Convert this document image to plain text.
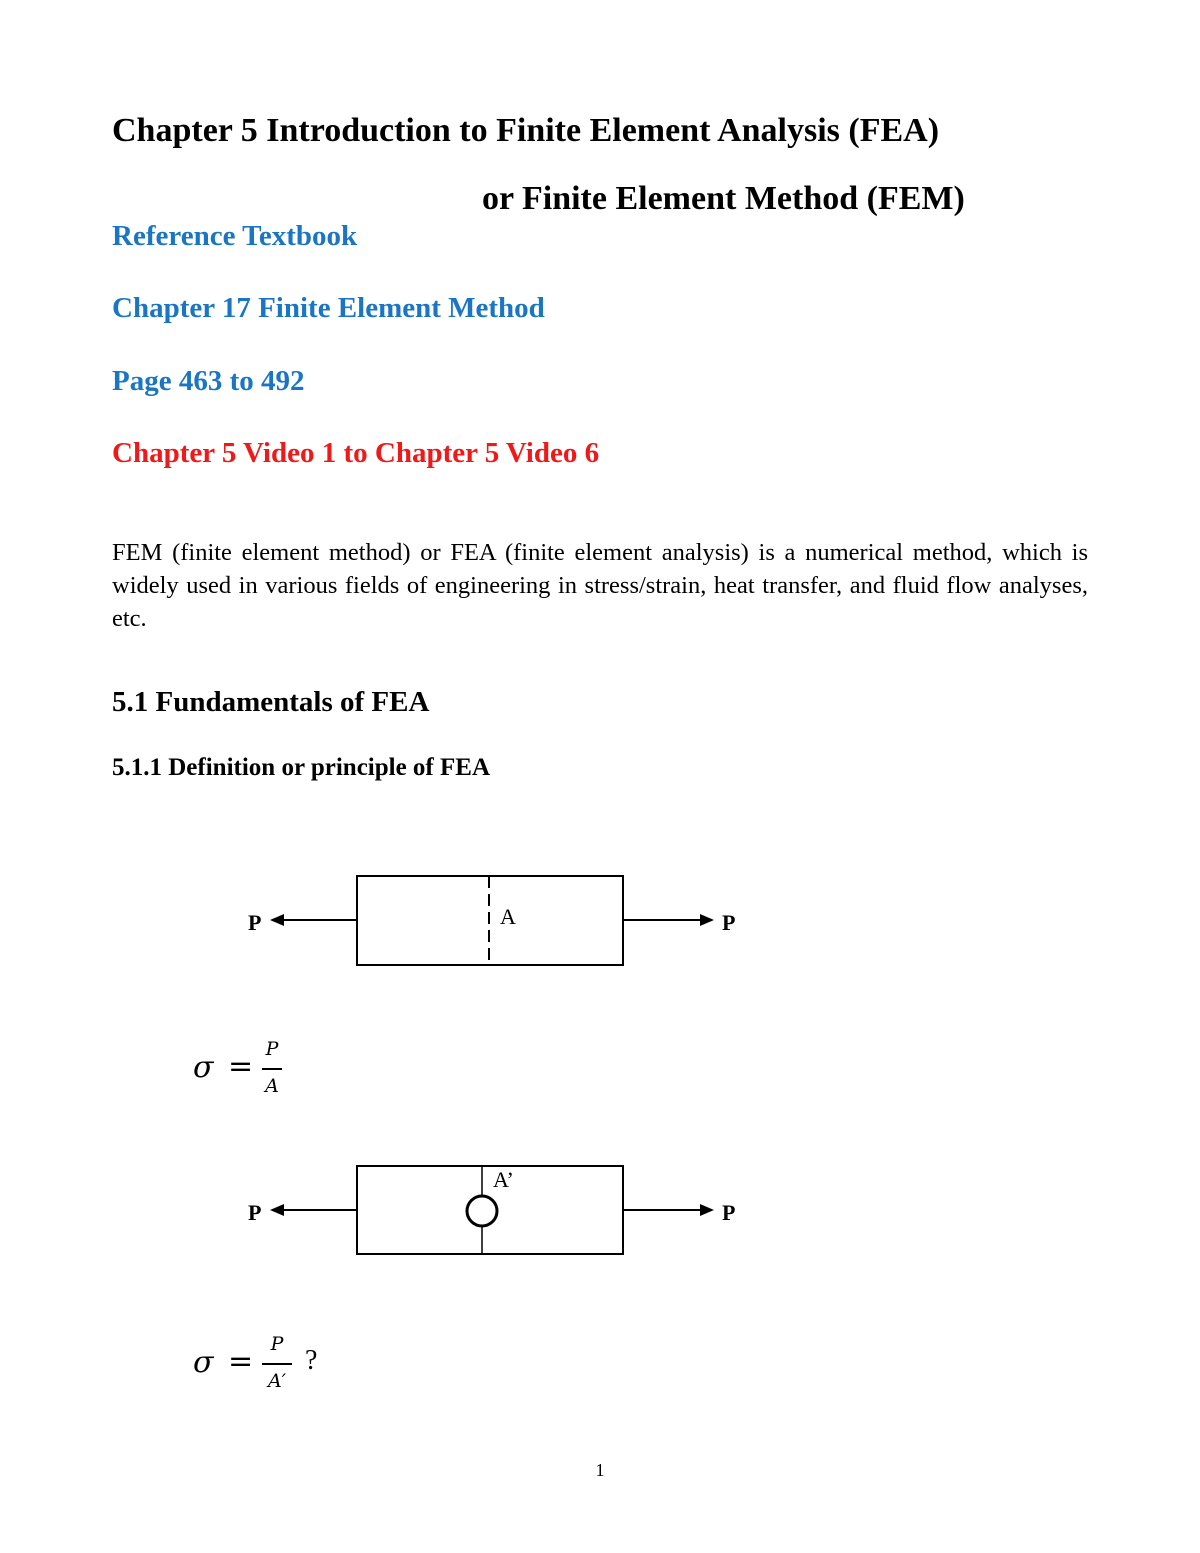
Chapter 5 Introduction to Finite Element Analysis (FEA)
or Finite Element Method (FEM)
Reference Textbook
Chapter 17 Finite Element Method
Page 463 to 492
Chapter 5 Video 1 to Chapter 5 Video 6

FEM (finite element method) or FEA (finite element analysis) is a numerical method, which is widely used in various fields of engineering in stress/strain, heat transfer, and fluid flow analyses, etc.

5.1 Fundamentals of FEA
5.1.1 Definition or principle of FEA
P	P
A
σ = P
A
P	P
A’
σ = P
A′
?
1
